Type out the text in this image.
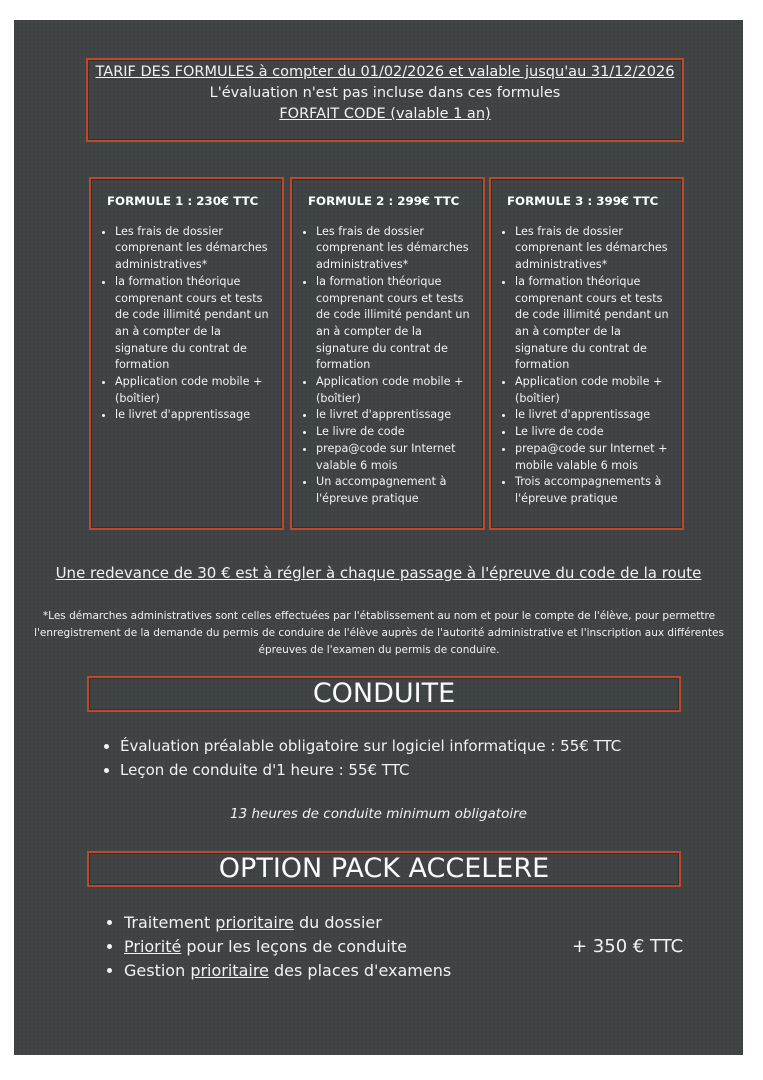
TARIF DES FORMULES à compter du 01/02/2026 et valable jusqu'au 31/12/2026
L'évaluation n'est pas incluse dans ces formules
FORFAIT CODE (valable 1 an)
FORMULE 1 : 230€ TTC
• Les frais de dossier comprenant les démarches administratives*
• la formation théorique comprenant cours et tests de code illimité pendant un an à compter de la signature du contrat de formation
• Application code mobile + (boîtier)
• le livret d'apprentissage
FORMULE 2 : 299€ TTC
• Les frais de dossier comprenant les démarches administratives*
• la formation théorique comprenant cours et tests de code illimité pendant un an à compter de la signature du contrat de formation
• Application code mobile + (boîtier)
• le livret d'apprentissage
• Le livre de code
• prepa@code sur Internet valable 6 mois
• Un accompagnement à l'épreuve pratique
FORMULE 3 : 399€ TTC
• Les frais de dossier comprenant les démarches administratives*
• la formation théorique comprenant cours et tests de code illimité pendant un an à compter de la signature du contrat de formation
• Application code mobile + (boîtier)
• le livret d'apprentissage
• Le livre de code
• prepa@code sur Internet + mobile valable 6 mois
• Trois accompagnements à l'épreuve pratique
Une redevance de 30 € est à régler à chaque passage à l'épreuve du code de la route
*Les démarches administratives sont celles effectuées par l'établissement au nom et pour le compte de l'élève, pour permettre l'enregistrement de la demande du permis de conduire de l'élève auprès de l'autorité administrative et l'inscription aux différentes épreuves de l'examen du permis de conduire.
CONDUITE
• Évaluation préalable obligatoire sur logiciel informatique : 55€ TTC
• Leçon de conduite d'1 heure : 55€ TTC
13 heures de conduite minimum obligatoire
OPTION PACK ACCELERE
• Traitement prioritaire du dossier
• Priorité pour les leçons de conduite
• Gestion prioritaire des places d'examens
+ 350 € TTC
